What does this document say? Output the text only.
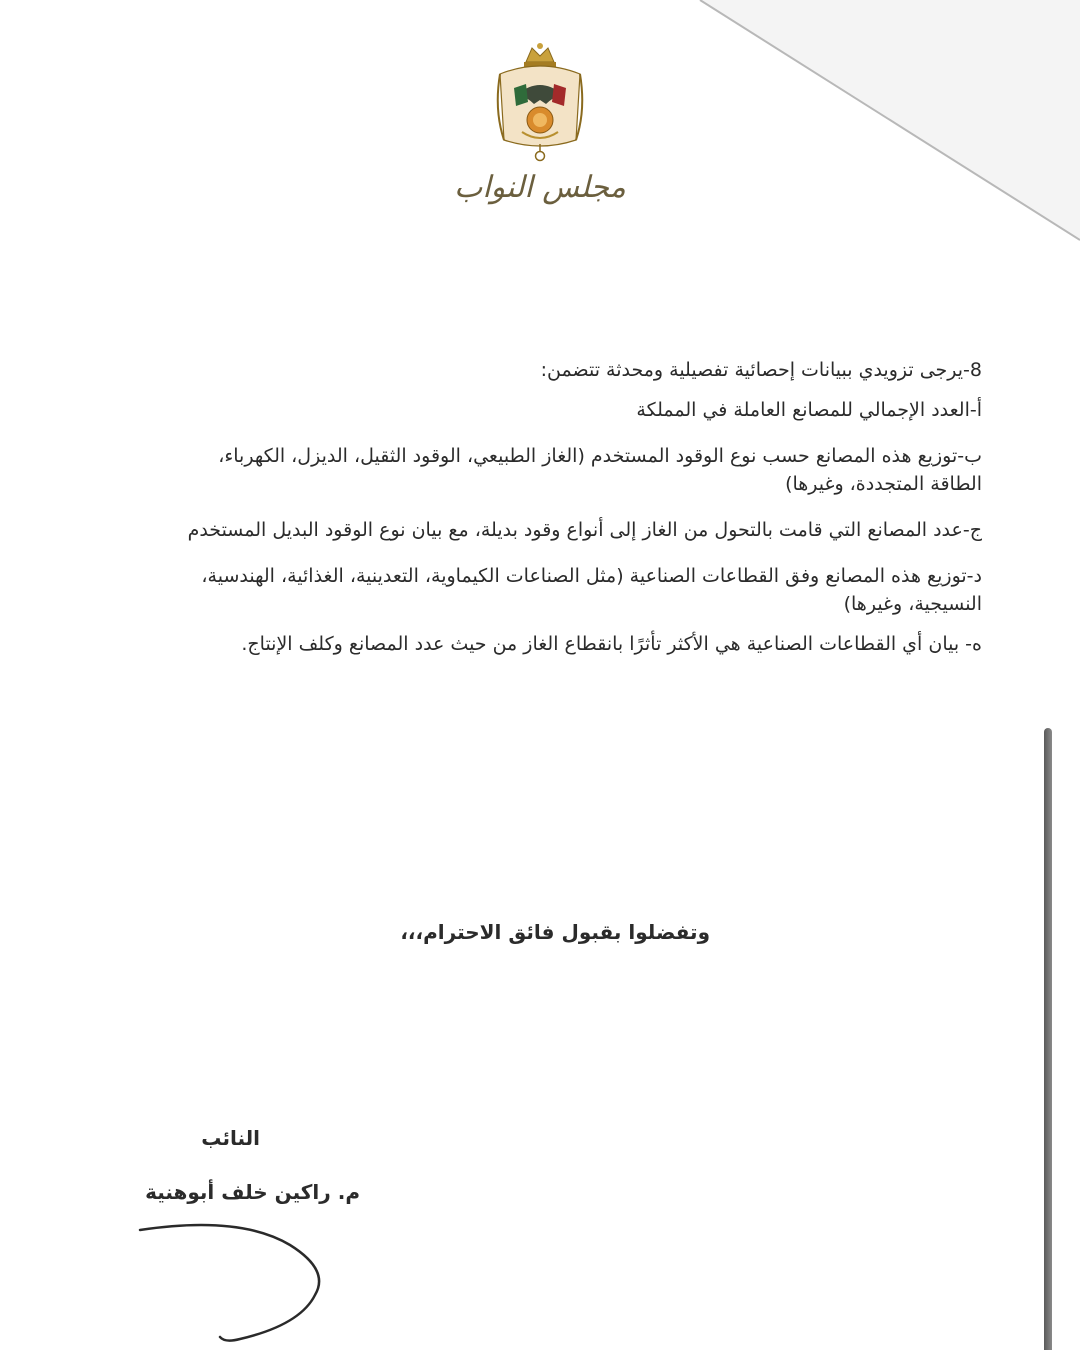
مجلس النواب

8-يرجى تزويدي ببيانات إحصائية تفصيلية ومحدثة تتضمن:

أ-العدد الإجمالي للمصانع العاملة في المملكة

ب-توزيع هذه المصانع حسب نوع الوقود المستخدم (الغاز الطبيعي، الوقود الثقيل، الديزل، الكهرباء، الطاقة المتجددة، وغيرها)

ج-عدد المصانع التي قامت بالتحول من الغاز إلى أنواع وقود بديلة، مع بيان نوع الوقود البديل المستخدم

د-توزيع هذه المصانع وفق القطاعات الصناعية (مثل الصناعات الكيماوية، التعدينية، الغذائية، الهندسية، النسيجية، وغيرها)

ه- بيان أي القطاعات الصناعية هي الأكثر تأثرًا بانقطاع الغاز من حيث عدد المصانع وكلف الإنتاج.

وتفضلوا بقبول فائق الاحترام،،،
النائب
م. راكين خلف أبوهنية
